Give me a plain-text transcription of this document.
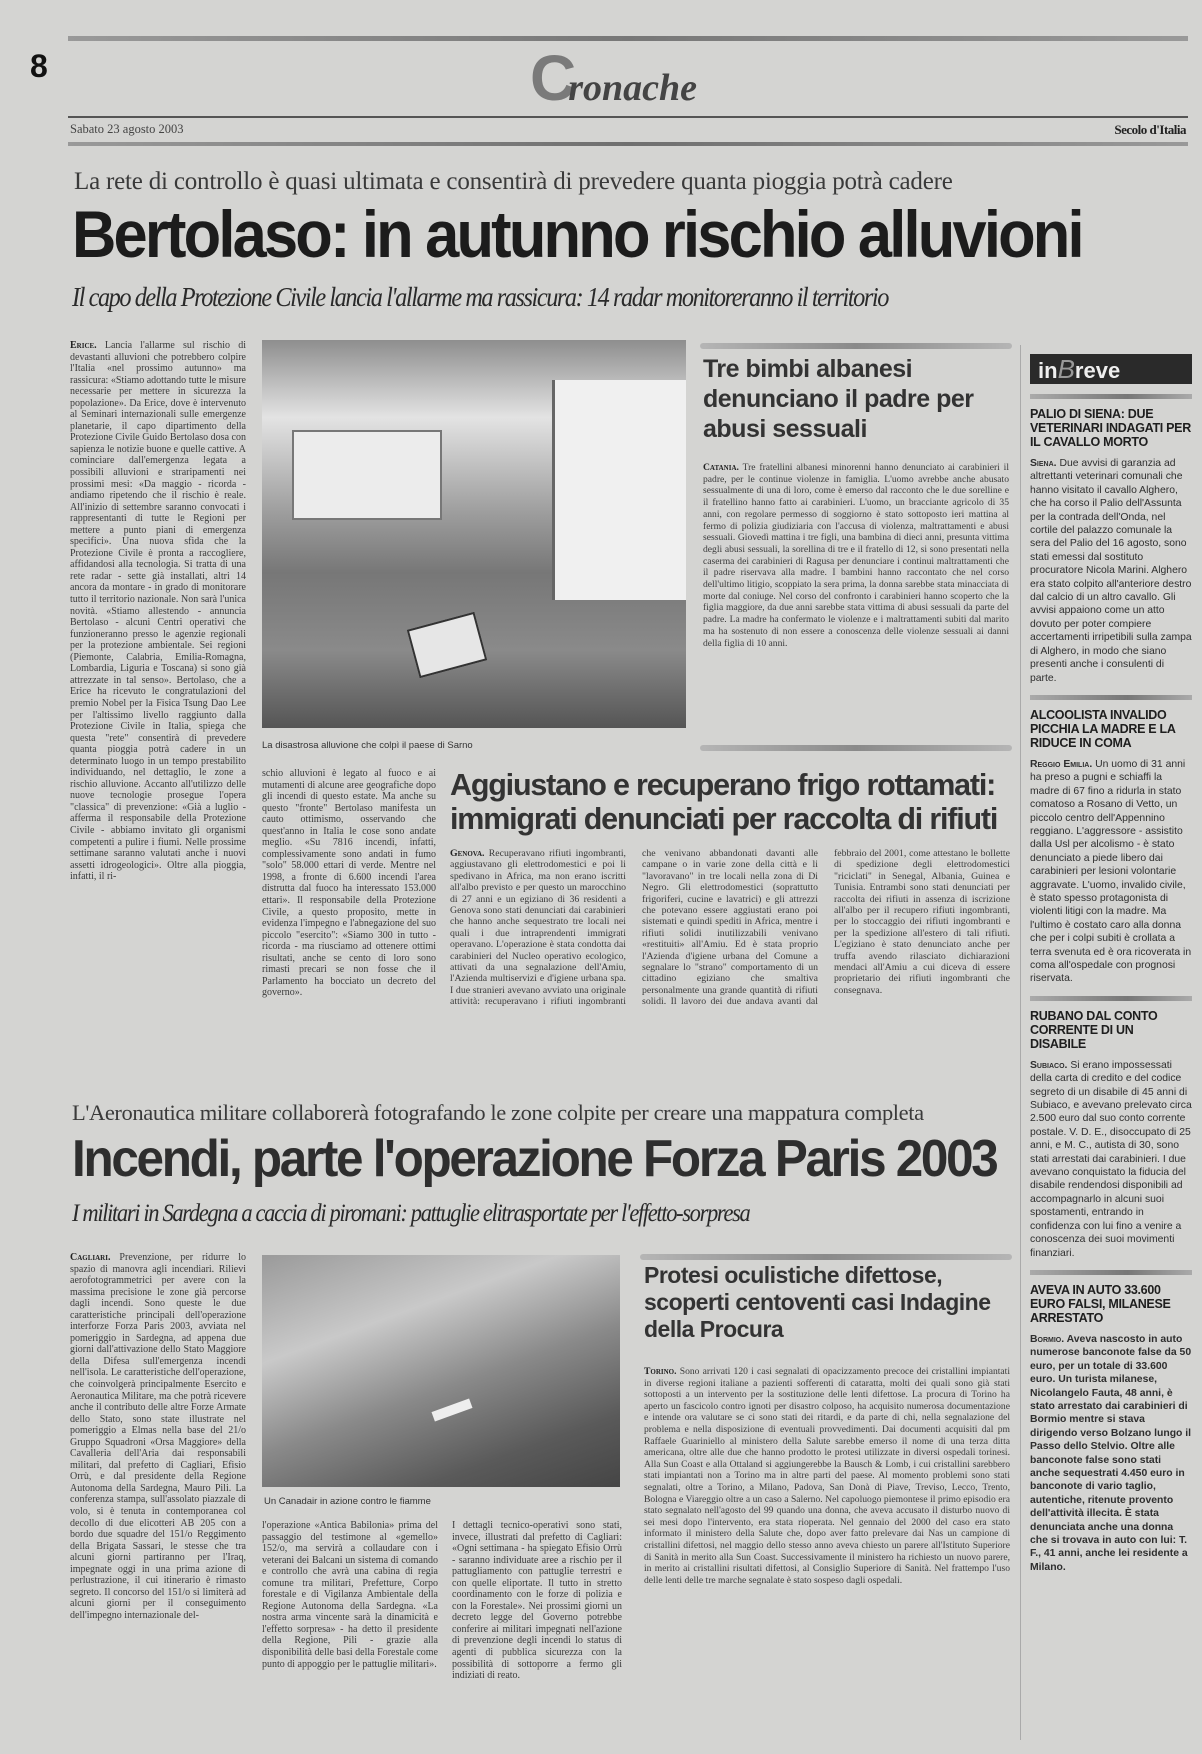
8	Cronache
Sabato 23 agosto 2003	Secolo d'Italia
La rete di controllo è quasi ultimata e consentirà di prevedere quanta pioggia potrà cadere
Bertolaso: in autunno rischio alluvioni
Il capo della Protezione Civile lancia l'allarme ma rassicura: 14 radar monitoreranno il territorio
Erice. Lancia l'allarme sul rischio di devastanti alluvioni che potrebbero colpire l'Italia «nel prossimo autunno» ma rassicura: «Stiamo adottando tutte le misure necessarie per mettere in sicurezza la popolazione». Da Erice, dove è intervenuto al Seminari internazionali sulle emergenze planetarie, il capo dipartimento della Protezione Civile Guido Bertolaso dosa con sapienza le notizie buone e quelle cattive. A cominciare dall'emergenza legata a possibili alluvioni e straripamenti nei prossimi mesi: «Da maggio - ricorda - andiamo ripetendo che il rischio è reale. All'inizio di settembre saranno convocati i rappresentanti di tutte le Regioni per mettere a punto piani di emergenza specifici». Una nuova sfida che la Protezione Civile è pronta a raccogliere, affidandosi alla tecnologia. Si tratta di una rete radar - sette già installati, altri 14 ancora da montare - in grado di monitorare tutto il territorio nazionale. Non sarà l'unica novità. «Stiamo allestendo - annuncia Bertolaso - alcuni Centri operativi che funzioneranno presso le agenzie regionali per la protezione ambientale. Sei regioni (Piemonte, Calabria, Emilia-Romagna, Lombardia, Liguria e Toscana) si sono già attrezzate in tal senso». Bertolaso, che a Erice ha ricevuto le congratulazioni del premio Nobel per la Fisica Tsung Dao Lee per l'altissimo livello raggiunto dalla Protezione Civile in Italia, spiega che questa "rete" consentirà di prevedere quanta pioggia potrà cadere in un determinato luogo in un tempo prestabilito individuando, nel dettaglio, le zone a rischio alluvione. Accanto all'utilizzo delle nuove tecnologie prosegue l'opera "classica" di prevenzione: «Già a luglio - afferma il responsabile della Protezione Civile - abbiamo invitato gli organismi competenti a pulire i fiumi. Nelle prossime settimane saranno valutati anche i nuovi assetti idrogeologici». Oltre alla pioggia, infatti, il ri-
La disastrosa alluvione che colpì il paese di Sarno
schio alluvioni è legato al fuoco e ai mutamenti di alcune aree geografiche dopo gli incendi di questo estate. Ma anche su questo "fronte" Bertolaso manifesta un cauto ottimismo, osservando che quest'anno in Italia le cose sono andate meglio. «Su 7816 incendi, infatti, complessivamente sono andati in fumo "solo" 58.000 ettari di verde. Mentre nel 1998, a fronte di 6.600 incendi l'area distrutta dal fuoco ha interessato 153.000 ettari». Il responsabile della Protezione Civile, a questo proposito, mette in evidenza l'impegno e l'abnegazione del suo piccolo "esercito": «Siamo 300 in tutto - ricorda - ma riusciamo ad ottenere ottimi risultati, anche se cento di loro sono rimasti precari se non fosse che il Parlamento ha bocciato un decreto del governo».
Tre bimbi albanesi denunciano il padre per abusi sessuali
Catania. Tre fratellini albanesi minorenni hanno denunciato ai carabinieri il padre, per le continue violenze in famiglia. L'uomo avrebbe anche abusato sessualmente di una di loro, come è emerso dal racconto che le due sorelline e il fratellino hanno fatto ai carabinieri. L'uomo, un bracciante agricolo di 35 anni, con regolare permesso di soggiorno è stato sottoposto ieri mattina al fermo di polizia giudiziaria con l'accusa di violenza, maltrattamenti e abusi sessuali. Giovedì mattina i tre figli, una bambina di dieci anni, presunta vittima degli abusi sessuali, la sorellina di tre e il fratello di 12, si sono presentati nella caserma dei carabinieri di Ragusa per denunciare i continui maltrattamenti che il padre riservava alla madre. I bambini hanno raccontato che nel corso dell'ultimo litigio, scoppiato la sera prima, la donna sarebbe stata minacciata di morte dal coniuge. Nel corso del confronto i carabinieri hanno scoperto che la figlia maggiore, da due anni sarebbe stata vittima di abusi sessuali da parte del padre. La madre ha confermato le violenze e i maltrattamenti subiti dal marito ma ha sostenuto di non essere a conoscenza delle violenze sessuali ai danni della figlia di 10 anni.
Aggiustano e recuperano frigo rottamati:
immigrati denunciati per raccolta di rifiuti
Genova. Recuperavano rifiuti ingombranti, aggiustavano gli elettrodomestici e poi li spedivano in Africa, ma non erano iscritti all'albo previsto e per questo un marocchino di 27 anni e un egiziano di 36 residenti a Genova sono stati denunciati dai carabinieri che hanno anche sequestrato tre locali nei quali i due intraprendenti immigrati operavano. L'operazione è stata condotta dai carabinieri del Nucleo operativo ecologico, attivati da una segnalazione dell'Amiu, l'Azienda multiservizi e d'igiene urbana spa. I due stranieri avevano avviato una originale attività: recuperavano i rifiuti ingombranti che venivano abbandonati davanti alle campane o in varie zone della città e li "lavoravano" in tre locali nella zona di Di Negro. Gli elettrodomestici (soprattutto frigoriferi, cucine e lavatrici) e gli attrezzi che potevano essere aggiustati erano poi sistemati e quindi spediti in Africa, mentre i rifiuti solidi inutilizzabili venivano «restituiti» all'Amiu. Ed è stata proprio l'Azienda d'igiene urbana del Comune a segnalare lo "strano" comportamento di un cittadino egiziano che smaltiva personalmente una grande quantità di rifiuti solidi. Il lavoro dei due andava avanti dal febbraio del 2001, come attestano le bollette di spedizione degli elettrodomestici "riciclati" in Senegal, Albania, Guinea e Tunisia. Entrambi sono stati denunciati per raccolta dei rifiuti in assenza di iscrizione all'albo per il recupero rifiuti ingombranti, per lo stoccaggio dei rifiuti ingombranti e per la spedizione all'estero di tali rifiuti. L'egiziano è stato denunciato anche per truffa avendo rilasciato dichiarazioni mendaci all'Amiu a cui diceva di essere proprietario dei rifiuti ingombranti che consegnava.
inBreve
PALIO DI SIENA: DUE VETERINARI INDAGATI PER IL CAVALLO MORTO
Siena. Due avvisi di garanzia ad altrettanti veterinari comunali che hanno visitato il cavallo Alghero, che ha corso il Palio dell'Assunta per la contrada dell'Onda, nel cortile del palazzo comunale la sera del Palio del 16 agosto, sono stati emessi dal sostituto procuratore Nicola Marini. Alghero era stato colpito all'anteriore destro dal calcio di un altro cavallo. Gli avvisi appaiono come un atto dovuto per poter compiere accertamenti irripetibili sulla zampa di Alghero, in modo che siano presenti anche i consulenti di parte.
ALCOOLISTA INVALIDO PICCHIA LA MADRE E LA RIDUCE IN COMA
Reggio Emilia. Un uomo di 31 anni ha preso a pugni e schiaffi la madre di 67 fino a ridurla in stato comatoso a Rosano di Vetto, un piccolo centro dell'Appennino reggiano. L'aggressore - assistito dalla Usl per alcolismo - è stato denunciato a piede libero dai carabinieri per lesioni volontarie aggravate. L'uomo, invalido civile, è stato spesso protagonista di violenti litigi con la madre. Ma l'ultimo è costato caro alla donna che per i colpi subiti è crollata a terra svenuta ed è ora ricoverata in coma all'ospedale con prognosi riservata.
RUBANO DAL CONTO CORRENTE DI UN DISABILE
Subiaco. Si erano impossessati della carta di credito e del codice segreto di un disabile di 45 anni di Subiaco, e avevano prelevato circa 2.500 euro dal suo conto corrente postale. V. D. E., disoccupato di 25 anni, e M. C., autista di 30, sono stati arrestati dai carabinieri. I due avevano conquistato la fiducia del disabile rendendosi disponibili ad accompagnarlo in alcuni suoi spostamenti, entrando in confidenza con lui fino a venire a conoscenza dei suoi movimenti finanziari.
AVEVA IN AUTO 33.600 EURO FALSI, MILANESE ARRESTATO
Bormio. Aveva nascosto in auto numerose banconote false da 50 euro, per un totale di 33.600 euro. Un turista milanese, Nicolangelo Fauta, 48 anni, è stato arrestato dai carabinieri di Bormio mentre si stava dirigendo verso Bolzano lungo il Passo dello Stelvio. Oltre alle banconote false sono stati anche sequestrati 4.450 euro in banconote di vario taglio, autentiche, ritenute provento dell'attività illecita. È stata denunciata anche una donna che si trovava in auto con lui: T. F., 41 anni, anche lei residente a Milano.
L'Aeronautica militare collaborerà fotografando le zone colpite per creare una mappatura completa
Incendi, parte l'operazione Forza Paris 2003
I militari in Sardegna a caccia di piromani: pattuglie elitrasportate per l'effetto-sorpresa
Cagliari. Prevenzione, per ridurre lo spazio di manovra agli incendiari. Rilievi aerofotogrammetrici per avere con la massima precisione le zone già percorse dagli incendi. Sono queste le due caratteristiche principali dell'operazione interforze Forza Paris 2003, avviata nel pomeriggio in Sardegna, ad appena due giorni dall'attivazione dello Stato Maggiore della Difesa sull'emergenza incendi nell'isola. Le caratteristiche dell'operazione, che coinvolgerà principalmente Esercito e Aeronautica Militare, ma che potrà ricevere anche il contributo delle altre Forze Armate dello Stato, sono state illustrate nel pomeriggio a Elmas nella base del 21/o Gruppo Squadroni «Orsa Maggiore» della Cavalleria dell'Aria dai responsabili militari, dal prefetto di Cagliari, Efisio Orrù, e dal presidente della Regione Autonoma della Sardegna, Mauro Pili. La conferenza stampa, sull'assolato piazzale di volo, si è tenuta in contemporanea col decollo di due elicotteri AB 205 con a bordo due squadre del 151/o Reggimento della Brigata Sassari, le stesse che tra alcuni giorni partiranno per l'Iraq, impegnate oggi in una prima azione di perlustrazione, il cui itinerario è rimasto segreto. Il concorso del 151/o si limiterà ad alcuni giorni per il conseguimento dell'impegno internazionale del-
Un Canadair in azione contro le fiamme
l'operazione «Antica Babilonia» prima del passaggio del testimone al «gemello» 152/o, ma servirà a collaudare con i veterani dei Balcani un sistema di comando e controllo che avrà una cabina di regia comune tra militari, Prefetture, Corpo forestale e di Vigilanza Ambientale della Regione Autonoma della Sardegna. «La nostra arma vincente sarà la dinamicità e l'effetto sorpresa» - ha detto il presidente della Regione, Pili - grazie alla disponibilità delle basi della Forestale come punto di appoggio per le pattuglie militari».
I dettagli tecnico-operativi sono stati, invece, illustrati dal prefetto di Cagliari: «Ogni settimana - ha spiegato Efisio Orrù - saranno individuate aree a rischio per il pattugliamento con pattuglie terrestri e con quelle eliportate. Il tutto in stretto coordinamento con le forze di polizia e con la Forestale». Nei prossimi giorni un decreto legge del Governo potrebbe conferire ai militari impegnati nell'azione di prevenzione degli incendi lo status di agenti di pubblica sicurezza con la possibilità di sottoporre a fermo gli indiziati di reato.
Protesi oculistiche difettose, scoperti centoventi casi Indagine della Procura
Torino. Sono arrivati 120 i casi segnalati di opacizzamento precoce dei cristallini impiantati in diverse regioni italiane a pazienti sofferenti di cataratta, molti dei quali sono già stati sottoposti a un intervento per la sostituzione delle lenti difettose. La procura di Torino ha aperto un fascicolo contro ignoti per disastro colposo, ha acquisito numerosa documentazione e intende ora valutare se ci sono stati dei ritardi, e da parte di chi, nella segnalazione del problema e nella disposizione di eventuali provvedimenti. Dai documenti acquisiti dal pm Raffaele Guariniello al ministero della Salute sarebbe emerso il nome di una terza ditta americana, oltre alle due che hanno prodotto le protesi utilizzate in diversi ospedali torinesi. Alla Sun Coast e alla Ottaland si aggiungerebbe la Bausch & Lomb, i cui cristallini sarebbero stati impiantati non a Torino ma in altre parti del paese. Al momento problemi sono stati segnalati, oltre a Torino, a Milano, Padova, San Donà di Piave, Treviso, Lecco, Trento, Bologna e Viareggio oltre a un caso a Salerno. Nel capoluogo piemontese il primo episodio era stato segnalato nell'agosto del 99 quando una donna, che aveva accusato il disturbo nuovo di sei mesi dopo l'intervento, era stata rioperata. Nel gennaio del 2000 del caso era stato informato il ministero della Salute che, dopo aver fatto prelevare dai Nas un campione di cristallini difettosi, nel maggio dello stesso anno aveva chiesto un parere all'Istituto Superiore di Sanità in merito alla Sun Coast. Successivamente il ministero ha richiesto un nuovo parere, in merito ai cristallini risultati difettosi, al Consiglio Superiore di Sanità. Nel frattempo l'uso delle lenti delle tre marche segnalate è stato sospeso dagli ospedali.
